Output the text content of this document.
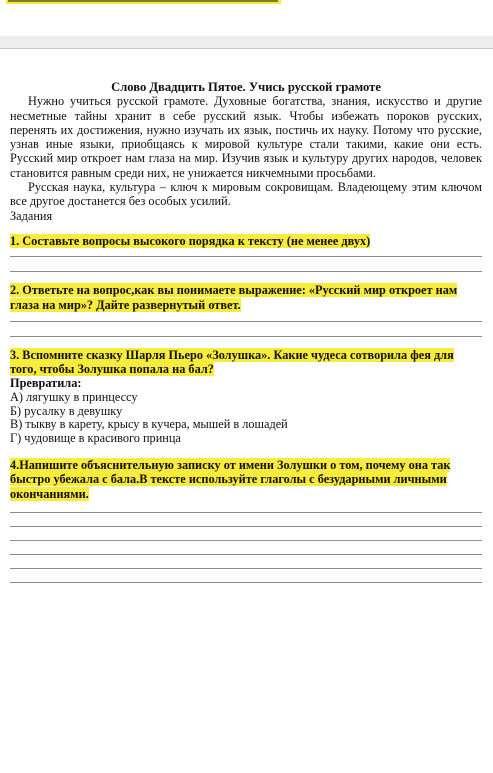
Слово Двадцить Пятое. Учись русской грамоте
Нужно учиться русской грамоте. Духовные богатства, знания, искусство и другие несметные тайны хранит в себе русский язык. Чтобы избежать пороков русских, перенять их достижения, нужно изучать их язык, постичь их науку. Потому что русские, узнав иные языки, приобщаясь к мировой культуре стали такими, какие они есть. Русский мир откроет нам глаза на мир. Изучив язык и культуру других народов, человек становится равным среди них, не унижается никчемными просьбами.
Русская наука, культура – ключ к мировым сокровищам. Владеющему этим ключом все другое достанется без особых усилий.
Задания
1. Составьте вопросы высокого порядка к тексту (не менее двух)
2. Ответьте на вопрос,как вы понимаете выражение: «Русский мир откроет нам глаза на мир»? Дайте развернутый ответ.
3. Вспомните сказку Шарля Пьеро «Золушка». Какие чудеса сотворила фея для того, чтобы Золушка попала на бал?
Превратила:
А) лягушку в принцессу
Б) русалку в девушку
В) тыкву в карету, крысу в кучера, мышей в лошадей
Г) чудовище в красивого принца
4.Напишите объяснительную записку от имени Золушки о том, почему она так быстро убежала с бала.В тексте используйте глаголы с безударными личными окончаниями.
